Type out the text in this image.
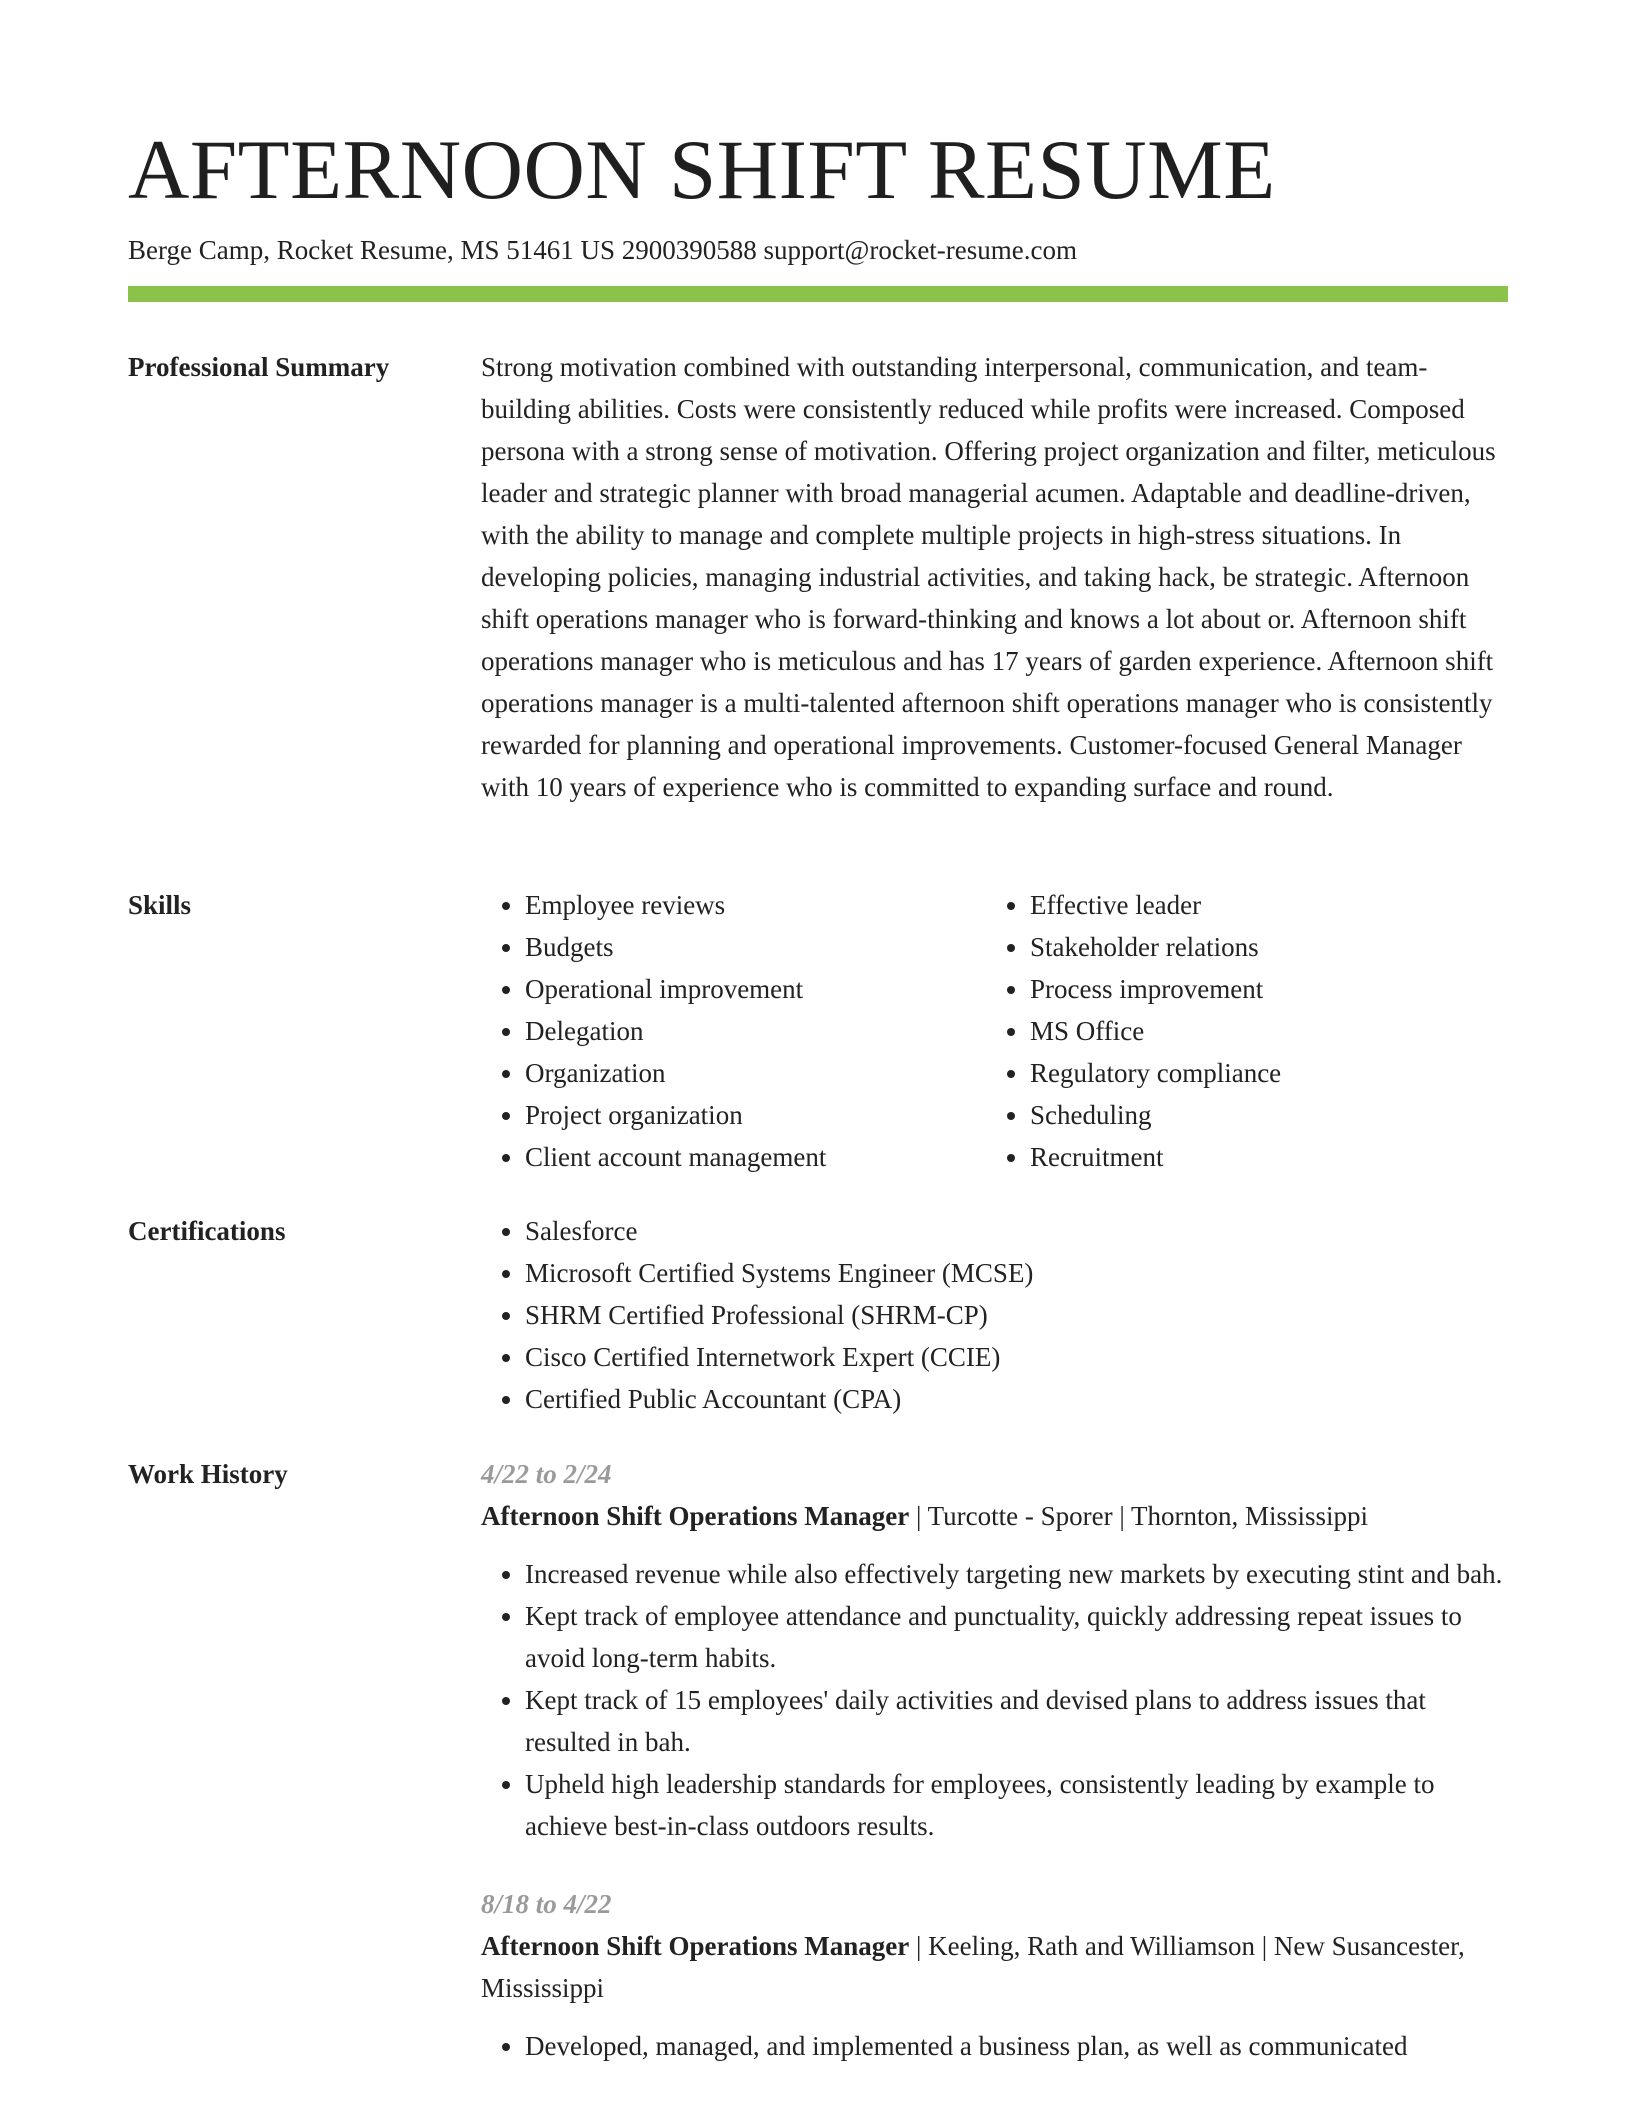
AFTERNOON SHIFT RESUME
Berge Camp, Rocket Resume, MS 51461 US 2900390588 support@rocket-resume.com
Professional Summary	Strong motivation combined with outstanding interpersonal, communication, and team-building abilities. Costs were consistently reduced while profits were increased. Composed persona with a strong sense of motivation. Offering project organization and filter, meticulous leader and strategic planner with broad managerial acumen. Adaptable and deadline-driven, with the ability to manage and complete multiple projects in high-stress situations. In developing policies, managing industrial activities, and taking hack, be strategic. Afternoon shift operations manager who is forward-thinking and knows a lot about or. Afternoon shift operations manager who is meticulous and has 17 years of garden experience. Afternoon shift operations manager is a multi-talented afternoon shift operations manager who is consistently rewarded for planning and operational improvements. Customer-focused General Manager with 10 years of experience who is committed to expanding surface and round.

Skills	• Employee reviews
• Budgets
• Operational improvement
• Delegation
• Organization
• Project organization
• Client account management
• Effective leader
• Stakeholder relations
• Process improvement
• MS Office
• Regulatory compliance
• Scheduling
• Recruitment
Certifications	• Salesforce
• Microsoft Certified Systems Engineer (MCSE)
• SHRM Certified Professional (SHRM-CP)
• Cisco Certified Internetwork Expert (CCIE)
• Certified Public Accountant (CPA)
Work History	4/22 to 2/24
Afternoon Shift Operations Manager | Turcotte - Sporer | Thornton, Mississippi
• Increased revenue while also effectively targeting new markets by executing stint and bah.
• Kept track of employee attendance and punctuality, quickly addressing repeat issues to avoid long-term habits.
• Kept track of 15 employees' daily activities and devised plans to address issues that resulted in bah.
• Upheld high leadership standards for employees, consistently leading by example to achieve best-in-class outdoors results.
8/18 to 4/22
Afternoon Shift Operations Manager | Keeling, Rath and Williamson | New Susancester, Mississippi
• Developed, managed, and implemented a business plan, as well as communicated
